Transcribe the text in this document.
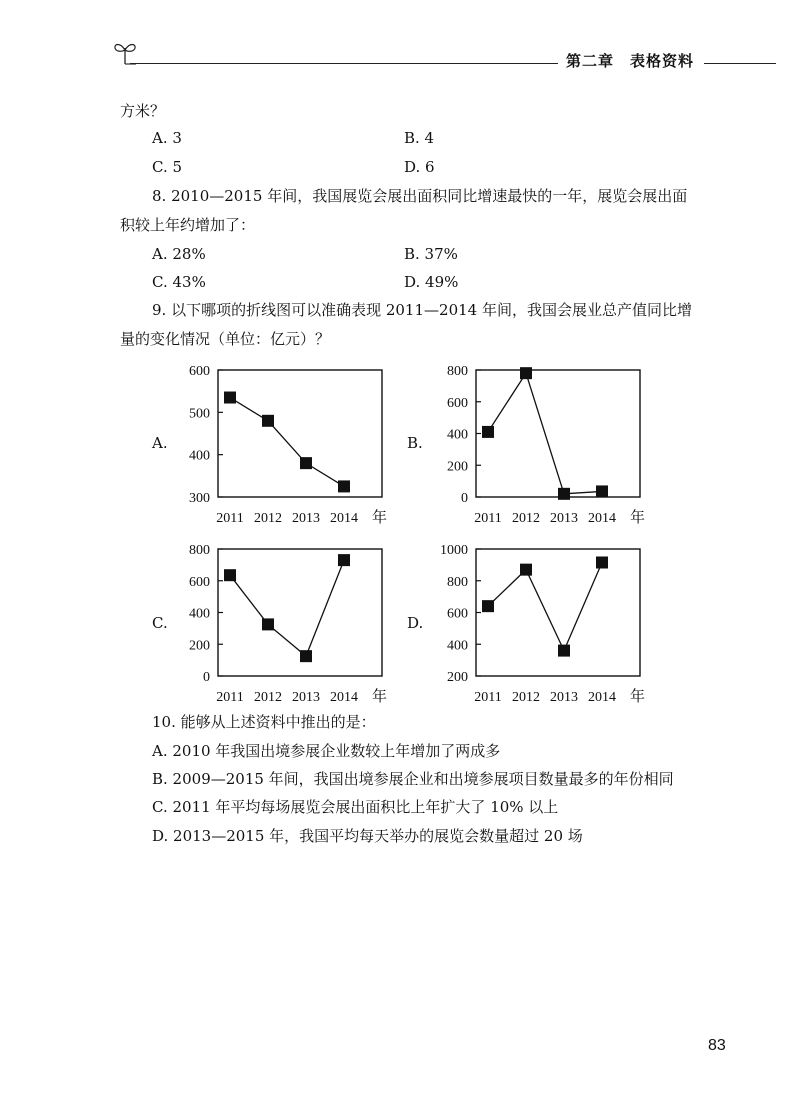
第二章　表格资料
方米？
A. 3	B. 4
C. 5	D. 6
8. 2010—2015 年间，我国展览会展出面积同比增速最快的一年，展览会展出面
积较上年约增加了：
A. 28%	B. 37%
C. 43%	D. 49%
9. 以下哪项的折线图可以准确表现 2011—2014 年间，我国会展业总产值同比增
量的变化情况（单位：亿元）？
A.
600
500
400
300
2011 2012 2013 2014 年
B.
800
600
400
200
0
2011 2012 2013 2014 年
C.
800
600
400
200
0
2011 2012 2013 2014 年
D.
1000
800
600
400
200
2011 2012 2013 2014 年
10. 能够从上述资料中推出的是：
A. 2010 年我国出境参展企业数较上年增加了两成多
B. 2009—2015 年间，我国出境参展企业和出境参展项目数量最多的年份相同
C. 2011 年平均每场展览会展出面积比上年扩大了 10% 以上
D. 2013—2015 年，我国平均每天举办的展览会数量超过 20 场
83
